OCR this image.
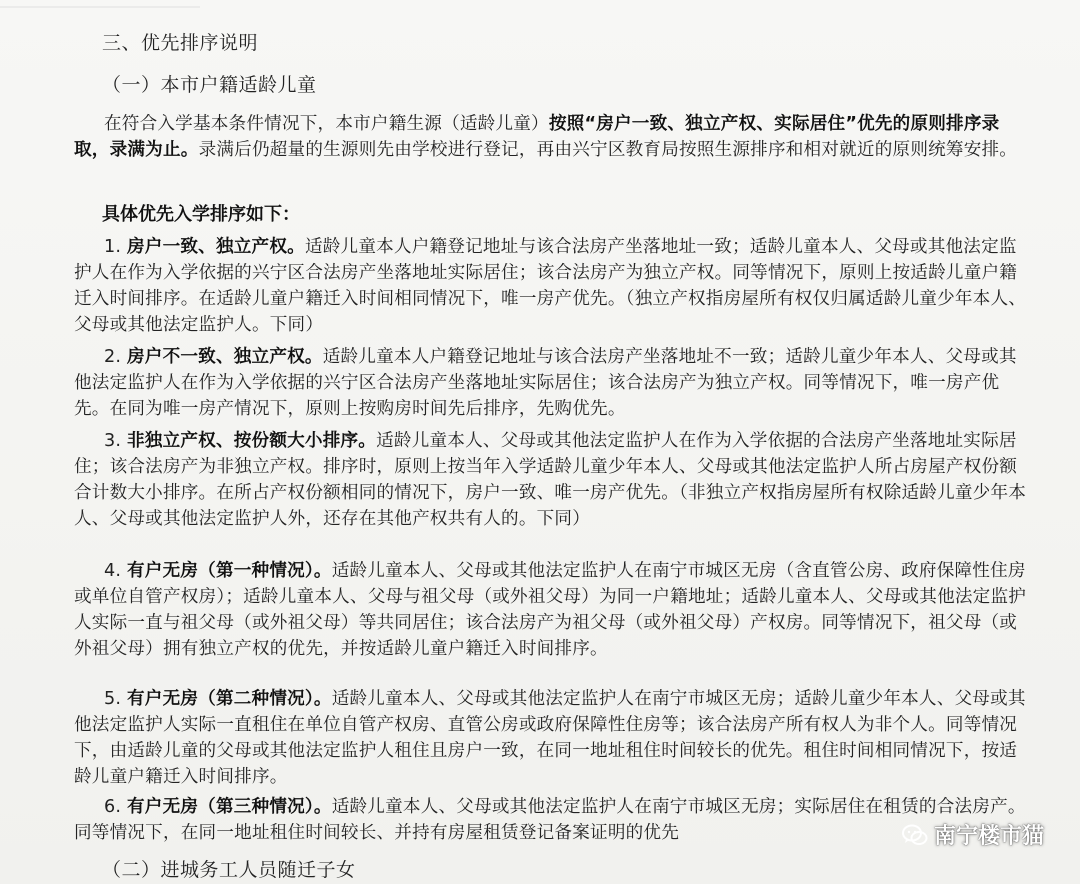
三、优先排序说明
（一）本市户籍适龄儿童
在符合入学基本条件情况下，本市户籍生源（适龄儿童）按照“房户一致、独立产权、实际居住”优先的原则排序录取，录满为止。录满后仍超量的生源则先由学校进行登记，再由兴宁区教育局按照生源排序和相对就近的原则统筹安排。
具体优先入学排序如下：
1. 房户一致、独立产权。适龄儿童本人户籍登记地址与该合法房产坐落地址一致；适龄儿童本人、父母或其他法定监护人在作为入学依据的兴宁区合法房产坐落地址实际居住；该合法房产为独立产权。同等情况下，原则上按适龄儿童户籍迁入时间排序。在适龄儿童户籍迁入时间相同情况下，唯一房产优先。（独立产权指房屋所有权仅归属适龄儿童少年本人、父母或其他法定监护人。下同）
2. 房户不一致、独立产权。适龄儿童本人户籍登记地址与该合法房产坐落地址不一致；适龄儿童少年本人、父母或其他法定监护人在作为入学依据的兴宁区合法房产坐落地址实际居住；该合法房产为独立产权。同等情况下，唯一房产优先。在同为唯一房产情况下，原则上按购房时间先后排序，先购优先。
3. 非独立产权、按份额大小排序。适龄儿童本人、父母或其他法定监护人在作为入学依据的合法房产坐落地址实际居住；该合法房产为非独立产权。排序时，原则上按当年入学适龄儿童少年本人、父母或其他法定监护人所占房屋产权份额合计数大小排序。在所占产权份额相同的情况下，房户一致、唯一房产优先。（非独立产权指房屋所有权除适龄儿童少年本人、父母或其他法定监护人外，还存在其他产权共有人的。下同）
4. 有户无房（第一种情况）。适龄儿童本人、父母或其他法定监护人在南宁市城区无房（含直管公房、政府保障性住房或单位自管产权房）；适龄儿童本人、父母与祖父母（或外祖父母）为同一户籍地址；适龄儿童本人、父母或其他法定监护人实际一直与祖父母（或外祖父母）等共同居住；该合法房产为祖父母（或外祖父母）产权房。同等情况下，祖父母（或外祖父母）拥有独立产权的优先，并按适龄儿童户籍迁入时间排序。
5. 有户无房（第二种情况）。适龄儿童本人、父母或其他法定监护人在南宁市城区无房；适龄儿童少年本人、父母或其他法定监护人实际一直租住在单位自管产权房、直管公房或政府保障性住房等；该合法房产所有权人为非个人。同等情况下，由适龄儿童的父母或其他法定监护人租住且房户一致，在同一地址租住时间较长的优先。租住时间相同情况下，按适龄儿童户籍迁入时间排序。
6. 有户无房（第三种情况）。适龄儿童本人、父母或其他法定监护人在南宁市城区无房；实际居住在租赁的合法房产。同等情况下，在同一地址租住时间较长、并持有房屋租赁登记备案证明的优先
（二）进城务工人员随迁子女
南宁楼市猫
